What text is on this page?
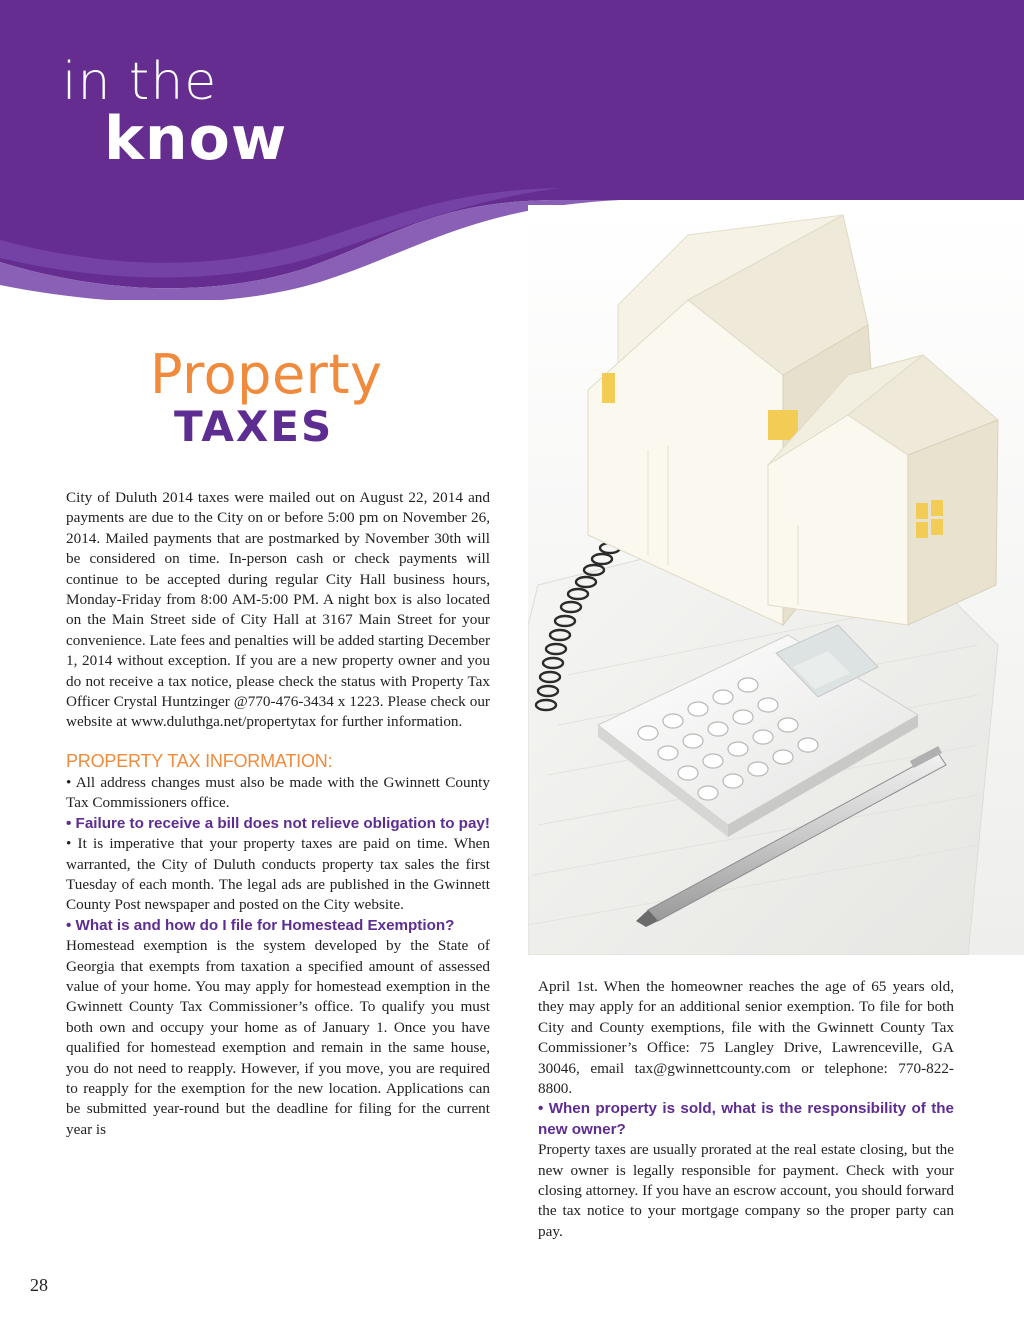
in the
know
Property
TAXES

City of Duluth 2014 taxes were mailed out on August 22, 2014 and payments are due to the City on or before 5:00 pm on November 26, 2014. Mailed payments that are postmarked by November 30th will be considered on time. In-person cash or check payments will continue to be accepted during regular City Hall business hours, Monday-Friday from 8:00 AM-5:00 PM. A night box is also located on the Main Street side of City Hall at 3167 Main Street for your convenience. Late fees and penalties will be added starting December 1, 2014 without exception. If you are a new property owner and you do not receive a tax notice, please check the status with Property Tax Officer Crystal Huntzinger @770-476-3434 x 1223. Please check our website at www.duluthga.net/propertytax for further information.

PROPERTY TAX INFORMATION:

• All address changes must also be made with the Gwinnett County Tax Commissioners office.

• Failure to receive a bill does not relieve obligation to pay!

• It is imperative that your property taxes are paid on time. When warranted, the City of Duluth conducts property tax sales the first Tuesday of each month. The legal ads are published in the Gwinnett County Post newspaper and posted on the City website.

• What is and how do I file for Homestead Exemption?

Homestead exemption is the system developed by the State of Georgia that exempts from taxation a specified amount of assessed value of your home. You may apply for homestead exemption in the Gwinnett County Tax Commissioner’s office. To qualify you must both own and occupy your home as of January 1. Once you have qualified for homestead exemption and remain in the same house, you do not need to reapply. However, if you move, you are required to reapply for the exemption for the new location. Applications can be submitted year-round but the deadline for filing for the current year is

April 1st. When the homeowner reaches the age of 65 years old, they may apply for an additional senior exemption. To file for both City and County exemptions, file with the Gwinnett County Tax Commissioner’s Office: 75 Langley Drive, Lawrenceville, GA 30046, email tax@gwinnettcounty.com or telephone: 770-822-8800.

• When property is sold, what is the responsibility of the new owner?

Property taxes are usually prorated at the real estate closing, but the new owner is legally responsible for payment. Check with your closing attorney. If you have an escrow account, you should forward the tax notice to your mortgage company so the proper party can pay.

28
